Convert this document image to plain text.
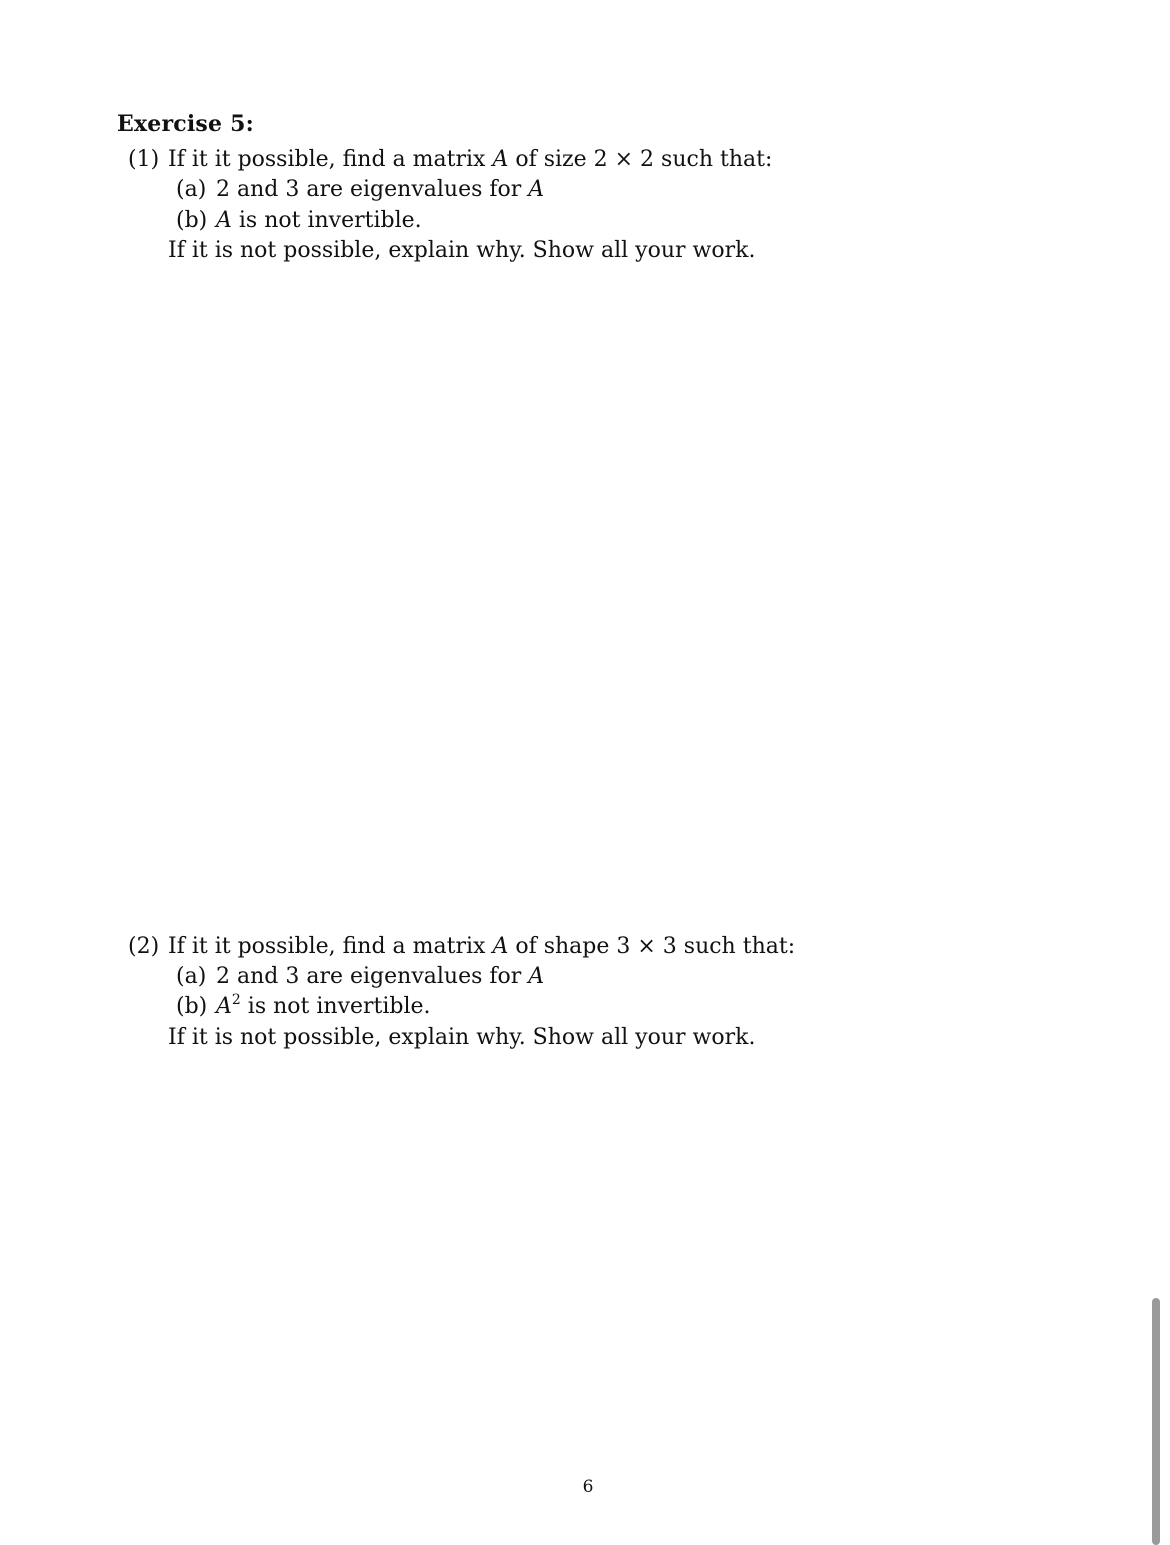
Exercise 5:
(1) If it it possible, find a matrix A of size 2 × 2 such that:
(a) 2 and 3 are eigenvalues for A
(b) A is not invertible.
If it is not possible, explain why. Show all your work.
(2) If it it possible, find a matrix A of shape 3 × 3 such that:
(a) 2 and 3 are eigenvalues for A
(b) $A^2$ is not invertible.
If it is not possible, explain why. Show all your work.
6
